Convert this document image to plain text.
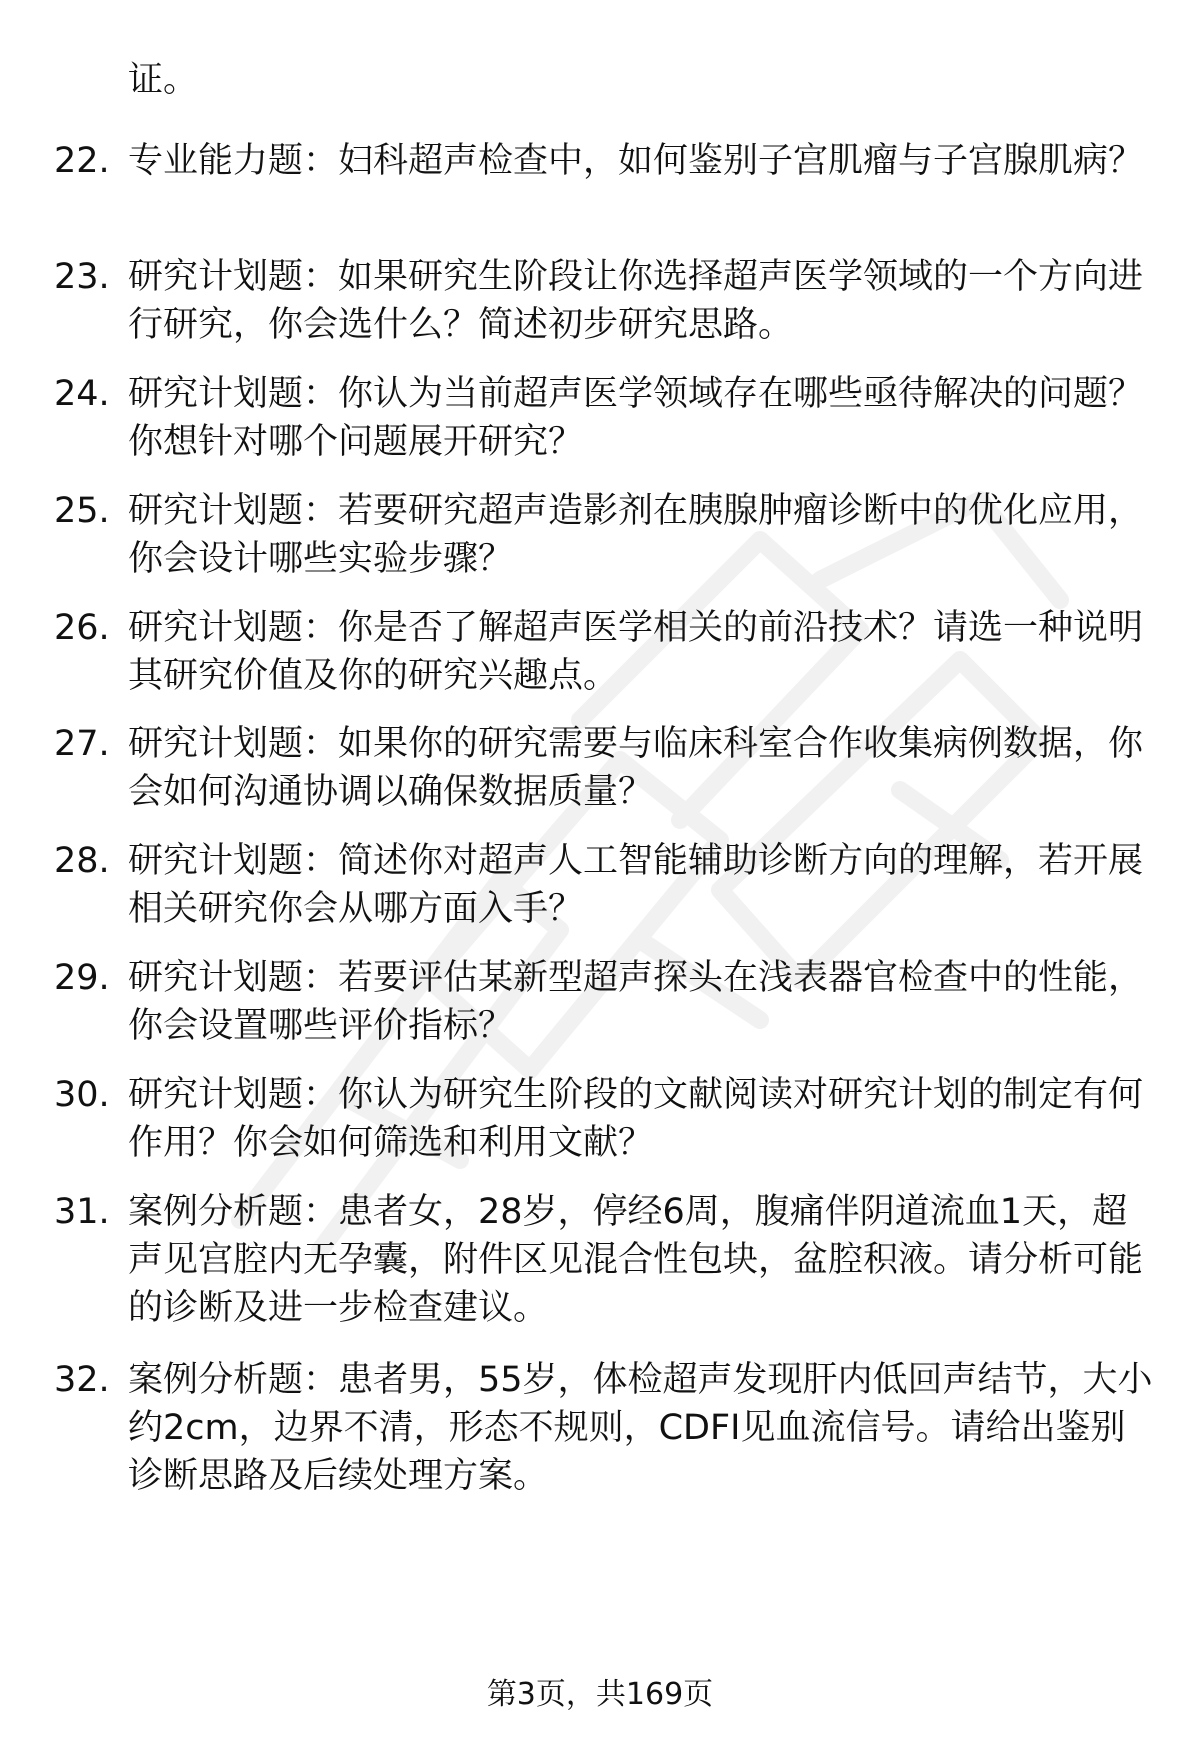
证。

22. 专业能力题：妇科超声检查中，如何鉴别子宫肌瘤与子宫腺肌病？

23. 研究计划题：如果研究生阶段让你选择超声医学领域的一个方向进行研究，你会选什么？简述初步研究思路。

24. 研究计划题：你认为当前超声医学领域存在哪些亟待解决的问题？你想针对哪个问题展开研究？

25. 研究计划题：若要研究超声造影剂在胰腺肿瘤诊断中的优化应用，你会设计哪些实验步骤？

26. 研究计划题：你是否了解超声医学相关的前沿技术？请选一种说明其研究价值及你的研究兴趣点。

27. 研究计划题：如果你的研究需要与临床科室合作收集病例数据，你会如何沟通协调以确保数据质量？

28. 研究计划题：简述你对超声人工智能辅助诊断方向的理解，若开展相关研究你会从哪方面入手？

29. 研究计划题：若要评估某新型超声探头在浅表器官检查中的性能，你会设置哪些评价指标？

30. 研究计划题：你认为研究生阶段的文献阅读对研究计划的制定有何作用？你会如何筛选和利用文献？

31. 案例分析题：患者女，28岁，停经6周，腹痛伴阴道流血1天，超声见宫腔内无孕囊，附件区见混合性包块，盆腔积液。请分析可能的诊断及进一步检查建议。

32. 案例分析题：患者男，55岁，体检超声发现肝内低回声结节，大小约2cm，边界不清，形态不规则，CDFI见血流信号。请给出鉴别诊断思路及后续处理方案。

第3页，共169页
